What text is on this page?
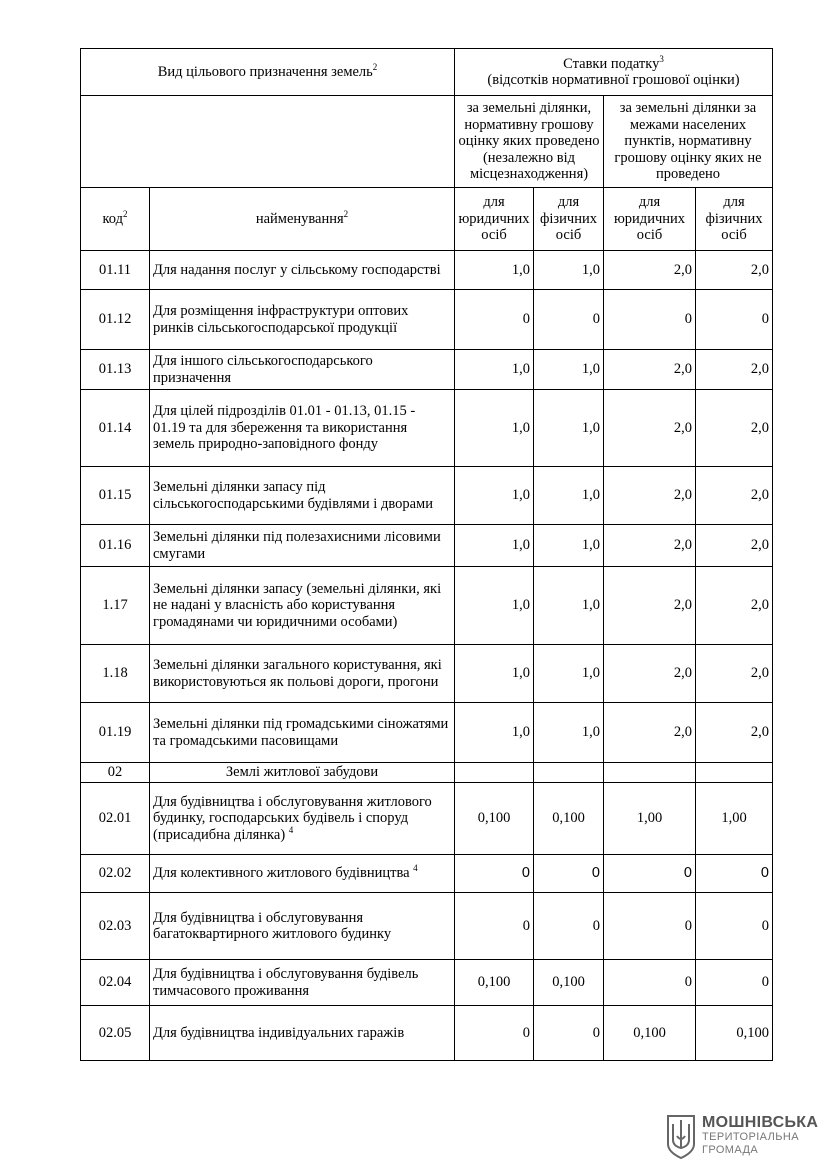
Вид цільового призначення земель$^2$		Ставки податку$^3$
(відсотків нормативної грошової оцінки)			
		за земельні ділянки, нормативну грошову оцінку яких проведено (незалежно від місцезнаходження)		за земельні ділянки за межами населених пунктів, нормативну грошову оцінку яких не проведено	
код$^2$	найменування$^2$	для юридичних осіб	для фізичних осіб	для юридичних осіб	для фізичних осіб
01.11	Для надання послуг у сільському господарстві	1,0	1,0	2,0	2,0
01.12	Для розміщення інфраструктури оптових ринків сільськогосподарської продукції	0	0	0	0
01.13	Для іншого сільськогосподарського призначення	1,0	1,0	2,0	2,0
01.14	Для цілей підрозділів 01.01 - 01.13, 01.15 - 01.19 та для збереження та використання земель природно-заповідного фонду	1,0	1,0	2,0	2,0
01.15	Земельні ділянки запасу під сільськогосподарськими будівлями і дворами	1,0	1,0	2,0	2,0
01.16	Земельні ділянки під полезахисними лісовими смугами	1,0	1,0	2,0	2,0
1.17	Земельні ділянки запасу (земельні ділянки, які не надані у власність або користування громадянами чи юридичними особами)	1,0	1,0	2,0	2,0
1.18	Земельні ділянки загального користування, які використовуються як польові дороги, прогони	1,0	1,0	2,0	2,0
01.19	Земельні ділянки під громадськими сіножатями та громадськими пасовищами	1,0	1,0	2,0	2,0
02	Землі житлової забудови				
02.01	Для будівництва і обслуговування житлового будинку, господарських будівель і споруд (присадибна ділянка) $^4$	0,100	0,100	1,00	1,00
02.02	Для колективного житлового будівництва $^4$	0	0	0	0
02.03	Для будівництва і обслуговування багатоквартирного житлового будинку	0	0	0	0
02.04	Для будівництва і обслуговування будівель тимчасового проживання	0,100	0,100	0	0
02.05	Для будівництва індивідуальних гаражів	0	0	0,100	0,100
МОШНІВСЬКА
ТЕРИТОРІАЛЬНА
ГРОМАДА
